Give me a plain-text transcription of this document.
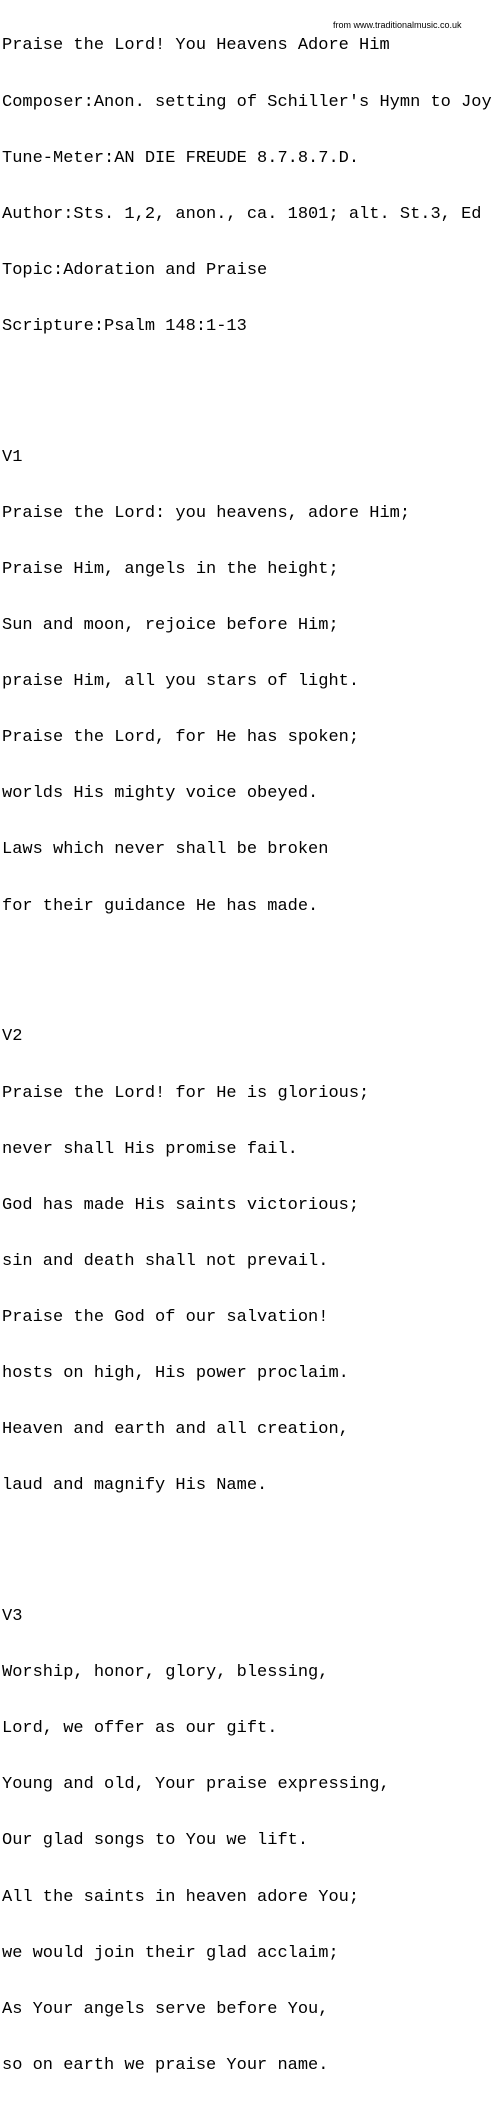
Praise the Lord! You Heavens Adore Him

Composer:Anon. setting of Schiller's Hymn to Joy

Tune-Meter:AN DIE FREUDE 8.7.8.7.D.

Author:Sts. 1,2, anon., ca. 1801; alt. St.3, Ed

Topic:Adoration and Praise

Scripture:Psalm 148:1-13

V1

Praise the Lord: you heavens, adore Him;

Praise Him, angels in the height;

Sun and moon, rejoice before Him;

praise Him, all you stars of light.

Praise the Lord, for He has spoken;

worlds His mighty voice obeyed.

Laws which never shall be broken

for their guidance He has made.

V2

Praise the Lord! for He is glorious;

never shall His promise fail.

God has made His saints victorious;

sin and death shall not prevail.

Praise the God of our salvation!

hosts on high, His power proclaim.

Heaven and earth and all creation,

laud and magnify His Name.

V3

Worship, honor, glory, blessing,

Lord, we offer as our gift.

Young and old, Your praise expressing,

Our glad songs to You we lift.

All the saints in heaven adore You;

we would join their glad acclaim;

As Your angels serve before You,

so on earth we praise Your name.

from www.traditionalmusic.co.uk
